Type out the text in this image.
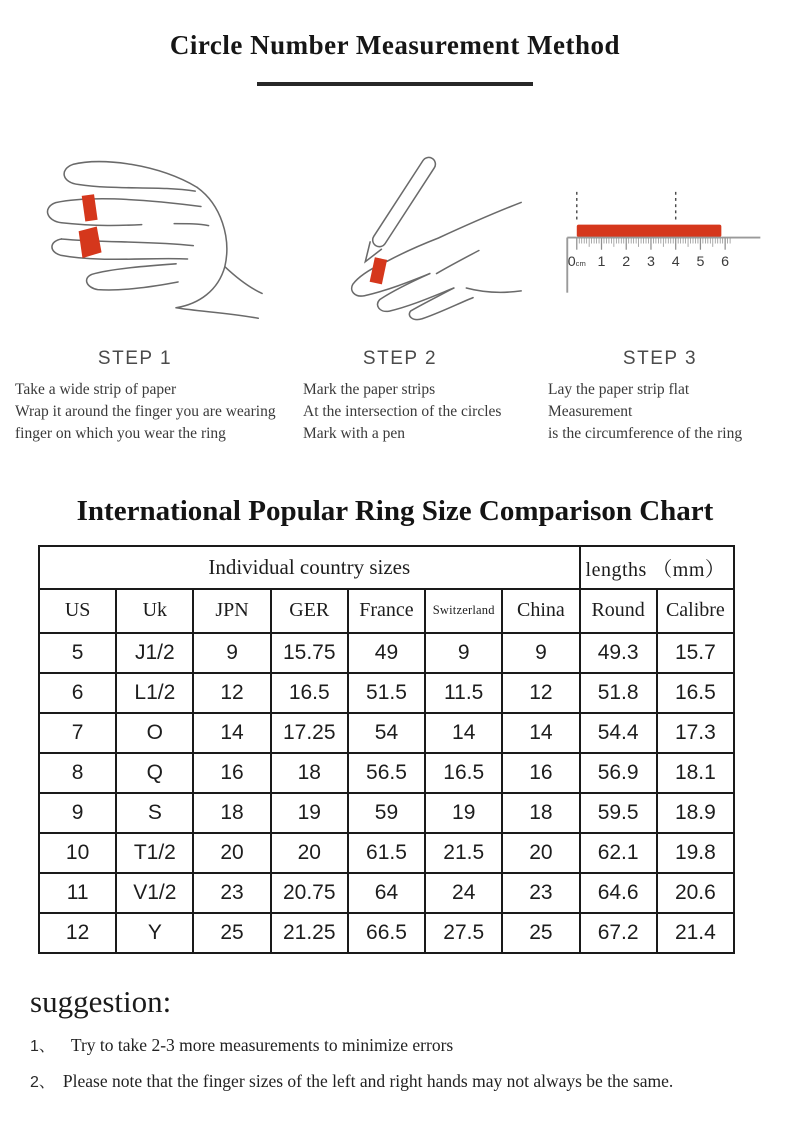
Circle Number Measurement Method
STEP 1
Take a wide strip of paper
Wrap it around the finger you are wearing
finger on which you wear the ring
STEP 2
Mark the paper strips
At the intersection of the circles
Mark with a pen
0cm 1 2 3 4 5 6
STEP 3
Lay the paper strip flat
Measurement
is the circumference of the ring
International Popular Ring Size Comparison Chart
Individual country sizes							lengths （mm）	
US	Uk	JPN	GER	France	Switzerland	China	Round	Calibre
5	J1/2	9	15.75	49	9	9	49.3	15.7
6	L1/2	12	16.5	51.5	11.5	12	51.8	16.5
7	O	14	17.25	54	14	14	54.4	17.3
8	Q	16	18	56.5	16.5	16	56.9	18.1
9	S	18	19	59	19	18	59.5	18.9
10	T1/2	20	20	61.5	21.5	20	62.1	19.8
11	V1/2	23	20.75	64	24	23	64.6	20.6
12	Y	25	21.25	66.5	27.5	25	67.2	21.4
suggestion:
1、 Try to take 2-3 more measurements to minimize errors
2、 Please note that the finger sizes of the left and right hands may not always be the same.
